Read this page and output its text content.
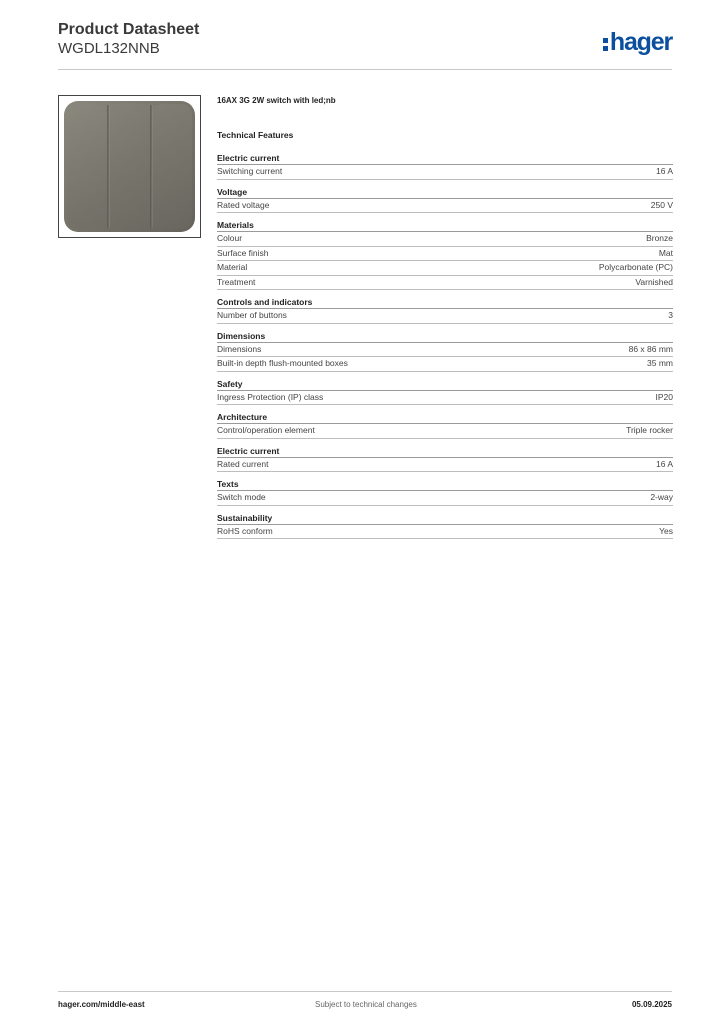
Product Datasheet
WGDL132NNB	hager
16AX 3G 2W switch with led;nb
Technical Features
Electric current
Switching current	16 A
Voltage
Rated voltage	250 V
Materials
Colour	Bronze
Surface finish	Mat
Material	Polycarbonate (PC)
Treatment	Varnished
Controls and indicators
Number of buttons	3
Dimensions
Dimensions	86 x 86 mm
Built-in depth flush-mounted boxes	35 mm
Safety
Ingress Protection (IP) class	IP20
Architecture
Control/operation element	Triple rocker
Electric current
Rated current	16 A
Texts
Switch mode	2-way
Sustainability
RoHS conform	Yes
hager.com/middle-east	Subject to technical changes	05.09.2025
